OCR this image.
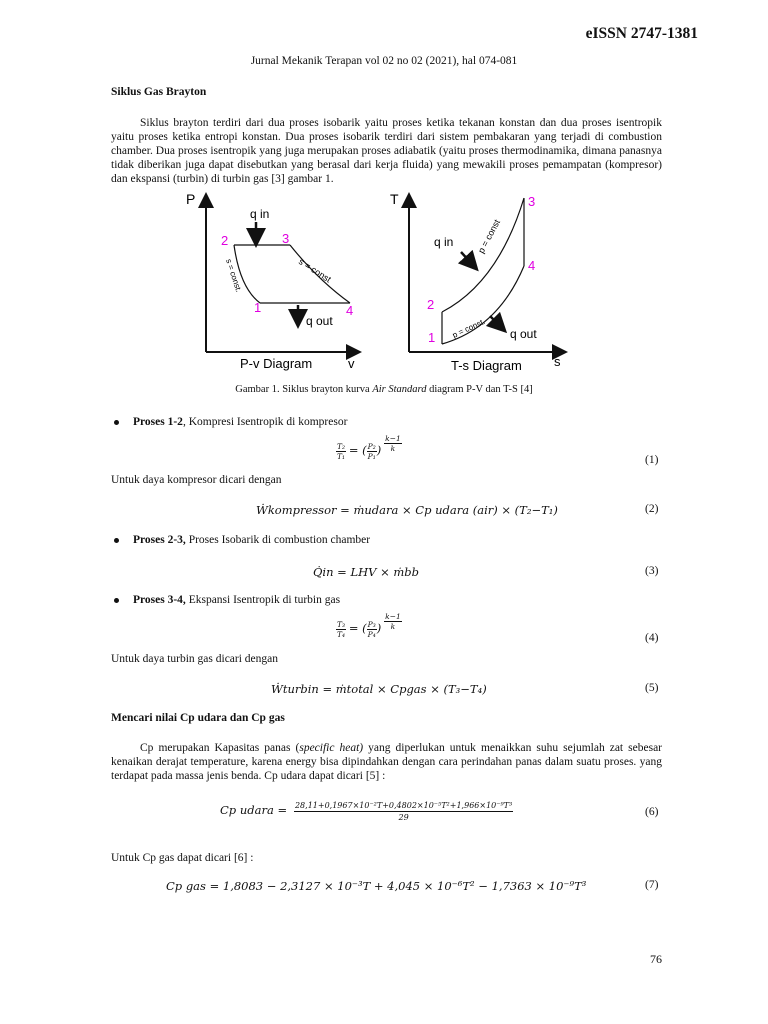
eISSN 2747-1381
Jurnal Mekanik Terapan vol 02 no 02 (2021), hal 074-081
Siklus Gas Brayton
Siklus brayton terdiri dari dua proses isobarik yaitu proses ketika tekanan konstan dan dua proses isentropik yaitu proses ketika entropi konstan. Dua proses isobarik terdiri dari sistem pembakaran yang terjadi di combustion chamber. Dua proses isentropik yang juga merupakan proses adiabatik (yaitu proses thermodinamika, dimana panasnya tidak diberikan juga dapat disebutkan yang berasal dari kerja fluida) yang mewakili proses pemampatan (kompresor) dan ekspansi (turbin) di turbin gas [3] gambar 1.
P
v
P-v Diagram
q in
q out
2	3
1	4
s = const.	s = const
T
s
T-s Diagram
q in
q out
3
4
2
1
p = const
p = const.
Gambar 1. Siklus brayton kurva Air Standard diagram P-V dan T-S [4]
Proses 1-2, Kompresi Isentropik di kompresor
$\frac{\text{T₂}}{\text{T₁}}$ = ( $\frac{\text{P₂}}{\text{P₁}}$ ) $\frac{k-1}{k}$
(1)
Untuk daya kompresor dicari dengan
Ẇkompressor = ṁudara × Cp udara (air) × (T₂−T₁)	(2)
Proses 2-3, Proses Isobarik di combustion chamber
Q̇in = LHV × ṁbb	(3)
Proses 3-4, Ekspansi Isentropik di turbin gas
$\frac{\text{T₃}}{\text{T₄}}$ = ( $\frac{\text{P₃}}{\text{P₄}}$ ) $\frac{k-1}{k}$
(4)
Untuk daya turbin gas dicari dengan
Ẇturbin = ṁtotal × Cpgas × (T₃−T₄)	(5)
Mencari nilai Cp udara dan Cp gas
Cp merupakan Kapasitas panas (specific heat) yang diperlukan untuk menaikkan suhu sejumlah zat sebesar kenaikan derajat temperature, karena energy bisa dipindahkan dengan cara perindahan panas dalam suatu proses. yang terdapat pada massa jenis benda. Cp udara dapat dicari [5] :
Cp udara = $\frac{\text{28,11+0,1967×10⁻²T+0,4802×10⁻⁵T²+1,966×10⁻⁹T³}}{29}$	(6)
Untuk Cp gas dapat dicari [6] :
Cp gas = 1,8083 − 2,3127 × 10⁻³T + 4,045 × 10⁻⁶T² − 1,7363 × 10⁻⁹T³	(7)
76
